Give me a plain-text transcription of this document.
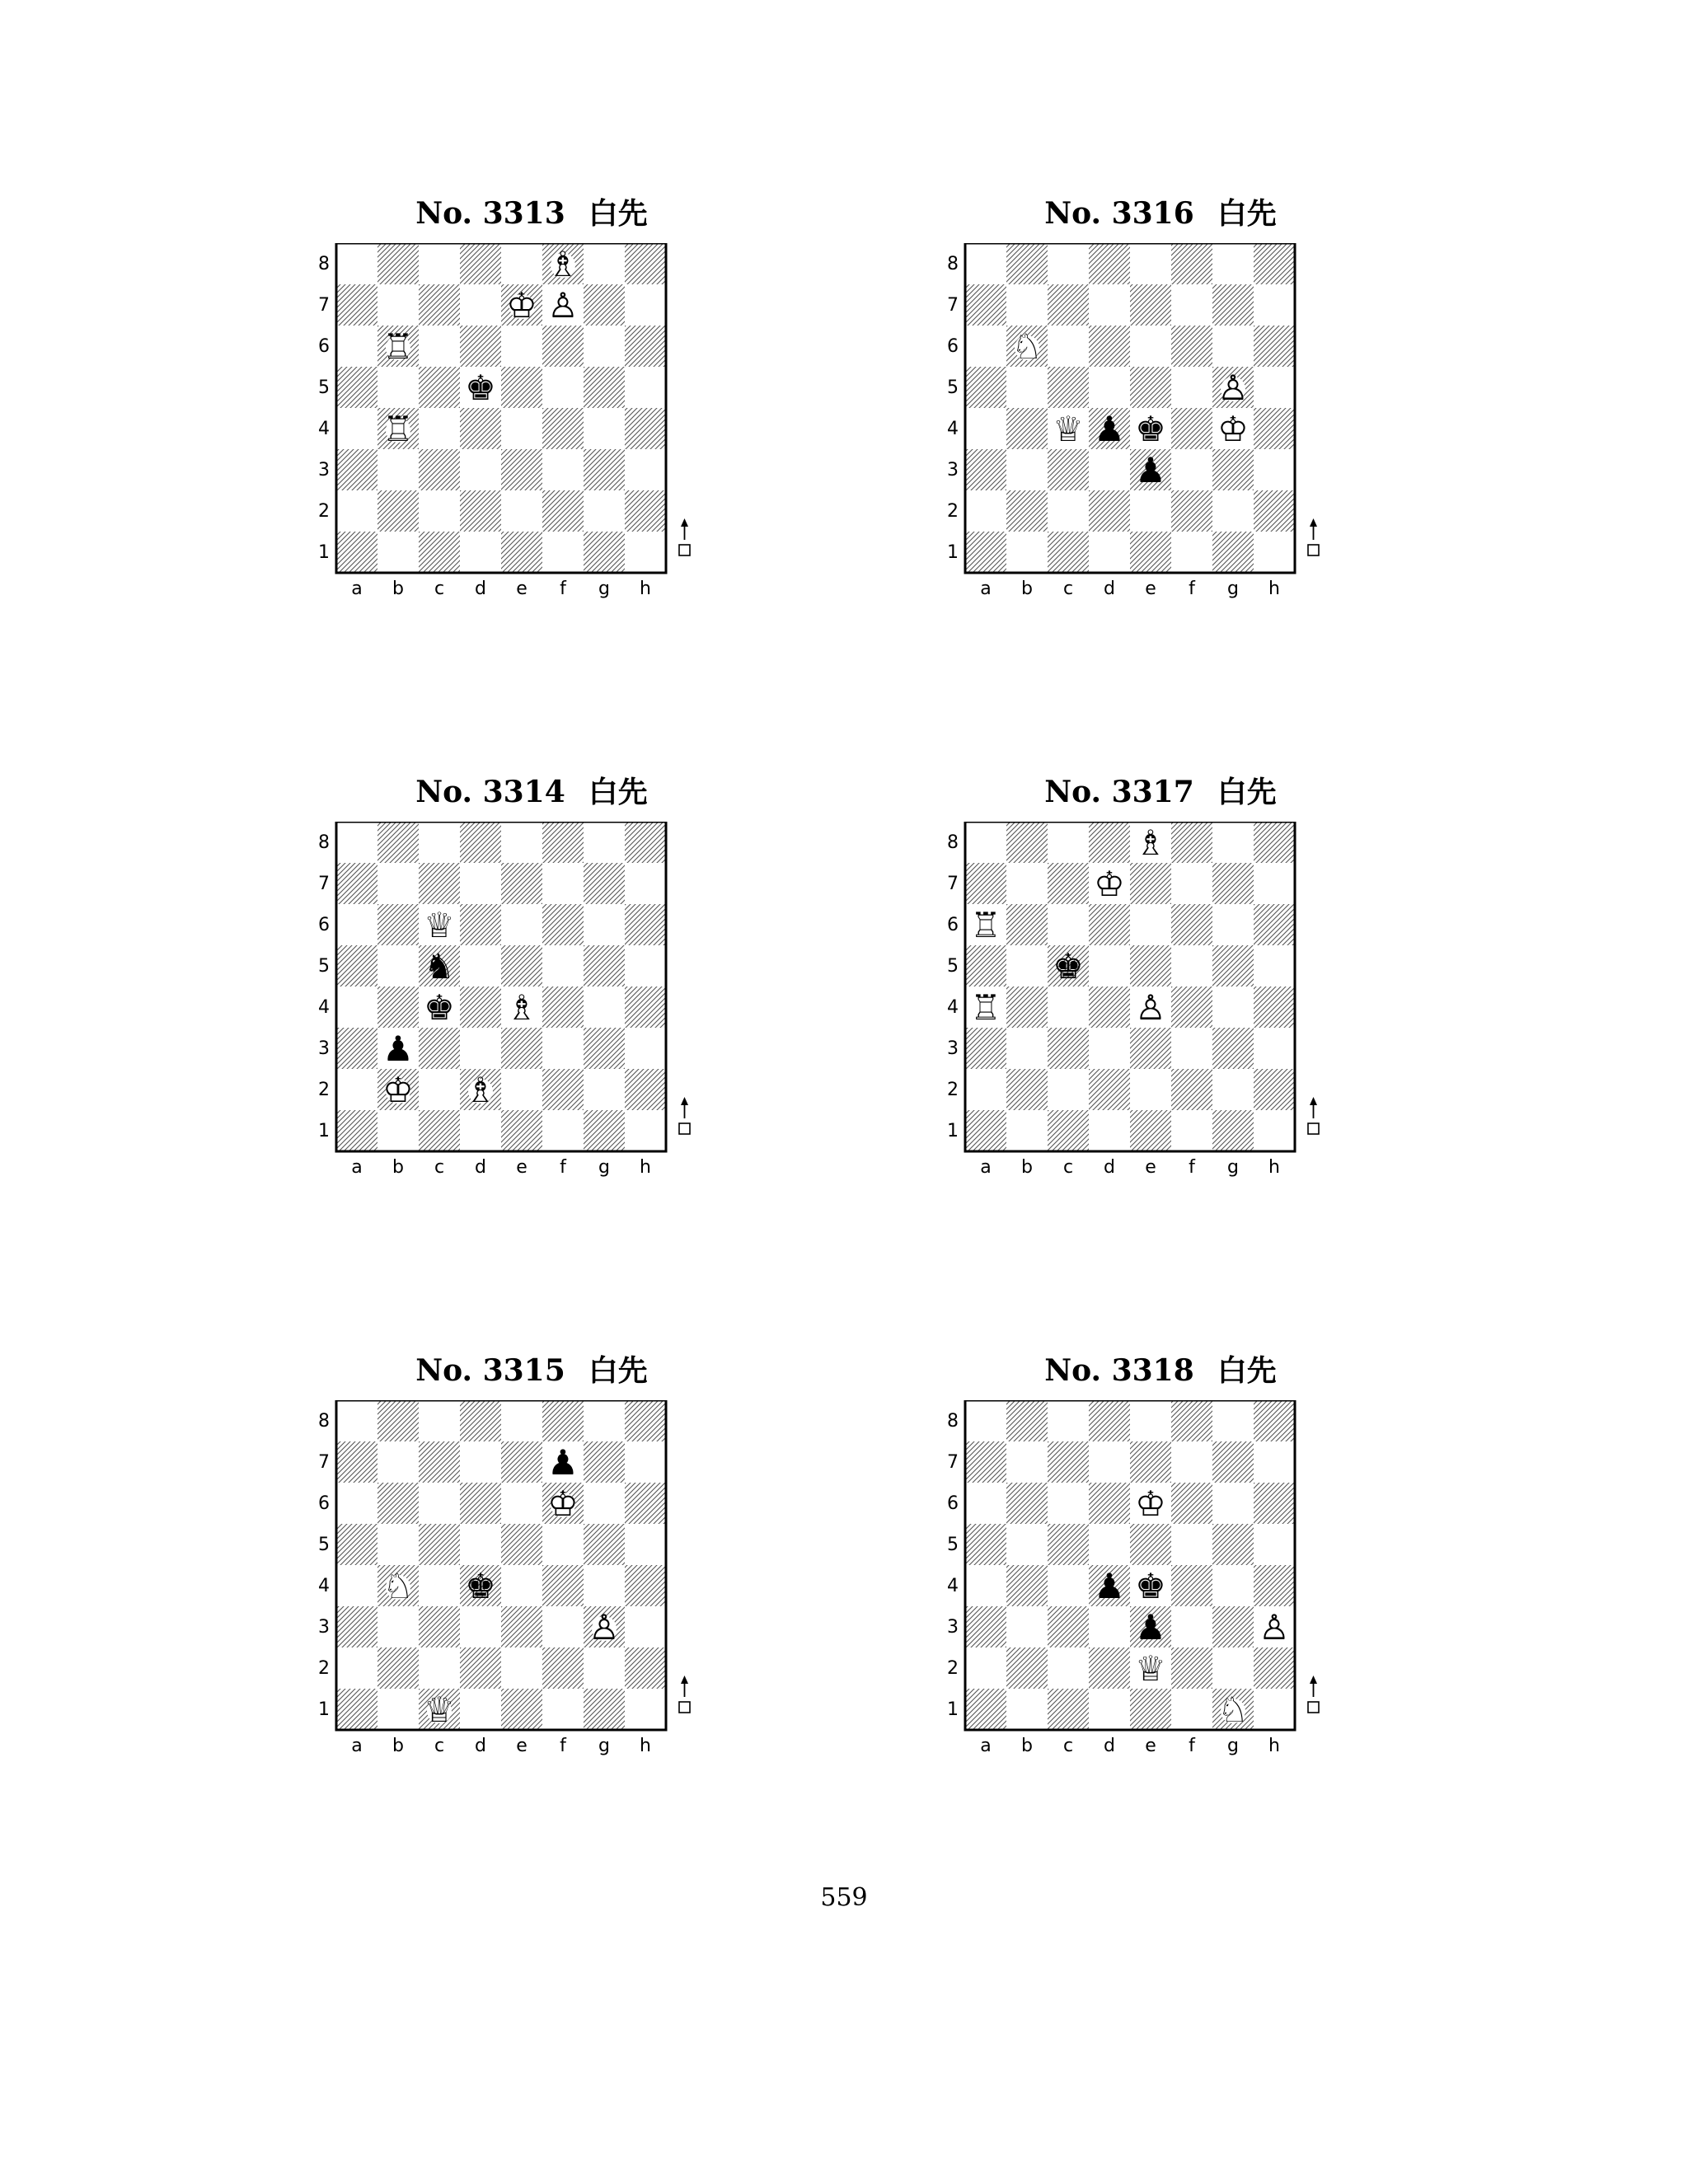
No. 3313 白先
8
7
6
5
4
3
2
1
a b c d e f g h
♗
♔ ♙
♖
♚
♖
No. 3316 白先
8
7
6
5
4
3
2
1
a b c d e f g h
♘
♙
♕ ♟ ♚ ♔
♟
No. 3314 白先
8
7
6
5
4
3
2
1
a b c d e f g h
♕
♞
♚ ♗
♟
♔ ♗
No. 3317 白先
8
7
6
5
4
3
2
1
a b c d e f g h
♗
♔
♖
♚
♖	♙
No. 3315 白先
8
7
6
5
4
3
2
1
a b c d e f g h
♟
♔
♘ ♚
♙
♕
No. 3318 白先
8
7
6
5
4
3
2
1
a b c d e f g h
♔
♟ ♚
♟	♙
♕
♘
559
